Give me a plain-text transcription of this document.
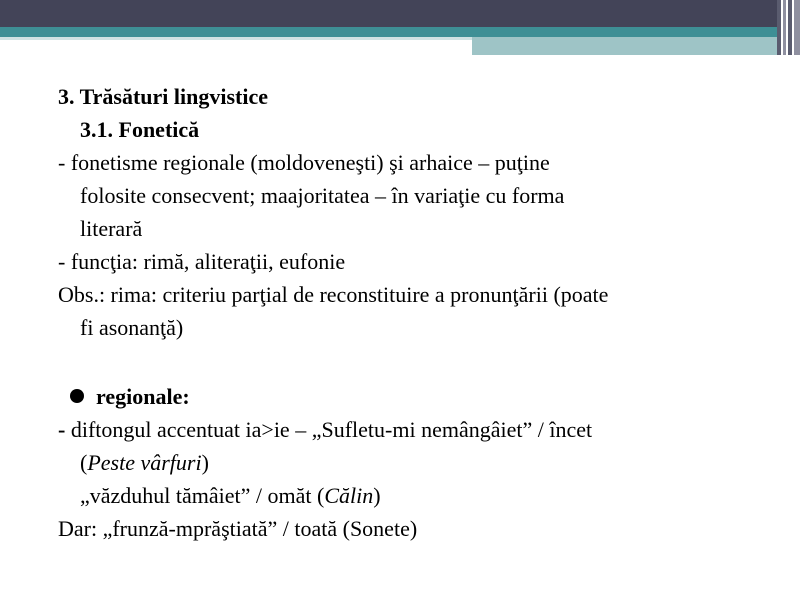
3. Trăsături lingvistice
3.1. Fonetică
- fonetisme regionale (moldoveneşti) şi arhaice – puţine
folosite consecvent; maajoritatea – în variaţie cu forma
literară
- funcţia: rimă, aliteraţii, eufonie
Obs.: rima: criteriu parţial de reconstituire a pronunţării (poate
fi asonanţă)
regionale:
- diftongul accentuat ia>ie – „Sufletu-mi nemângâiet” / încet
(Peste vârfuri)
„văzduhul tămâiet” / omăt (Călin)
Dar: „frunză-mprăştiată” / toată (Sonete)
